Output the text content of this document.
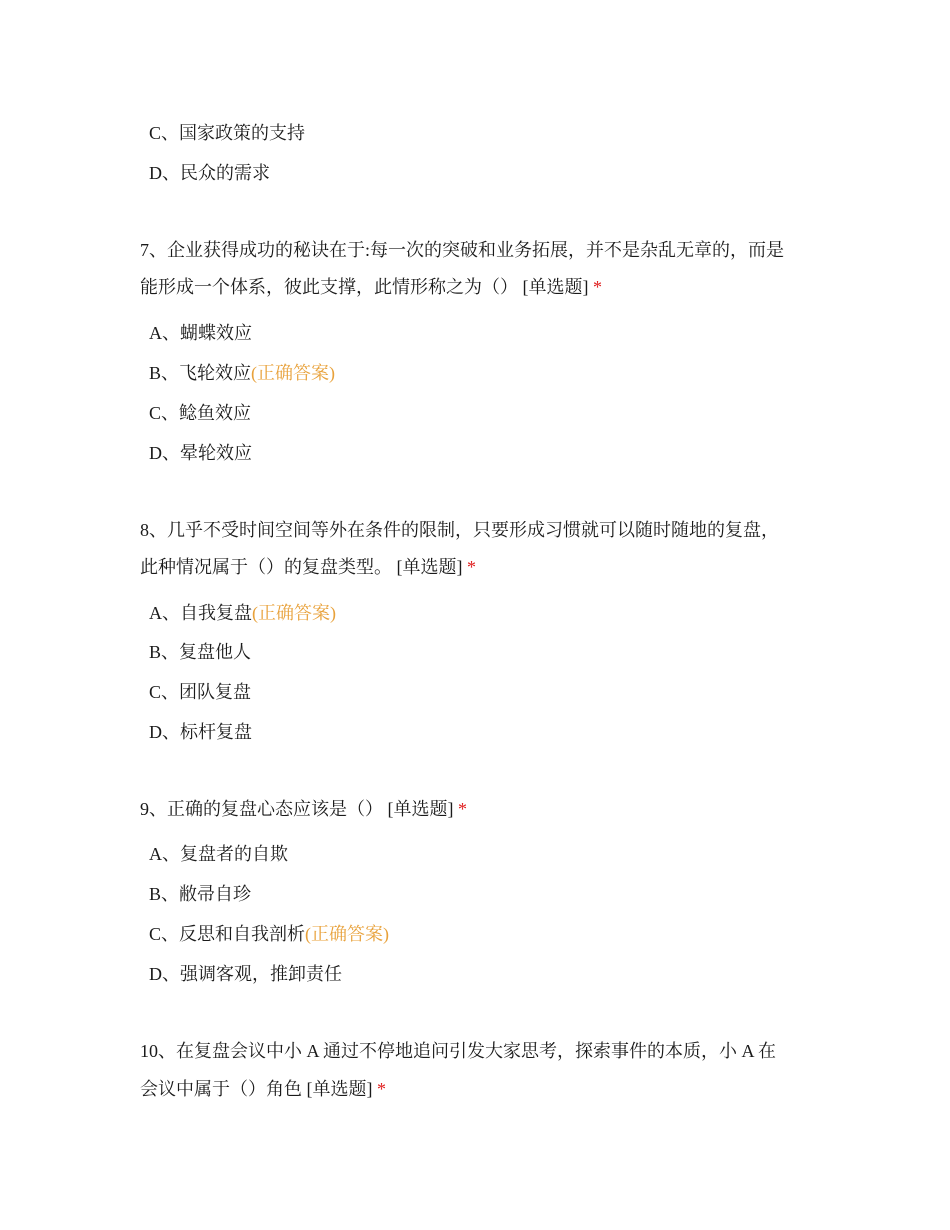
C、国家政策的支持
D、民众的需求
7、企业获得成功的秘诀在于:每一次的突破和业务拓展，并不是杂乱无章的，而是
能形成一个体系，彼此支撑，此情形称之为（） [单选题] *
A、蝴蝶效应
B、飞轮效应(正确答案)
C、鲶鱼效应
D、晕轮效应
8、几乎不受时间空间等外在条件的限制，只要形成习惯就可以随时随地的复盘，
此种情况属于（）的复盘类型。 [单选题] *
A、自我复盘(正确答案)
B、复盘他人
C、团队复盘
D、标杆复盘
9、正确的复盘心态应该是（） [单选题] *
A、复盘者的自欺
B、敝帚自珍
C、反思和自我剖析(正确答案)
D、强调客观，推卸责任
10、在复盘会议中小 A 通过不停地追问引发大家思考，探索事件的本质，小 A 在
会议中属于（）角色 [单选题] *
